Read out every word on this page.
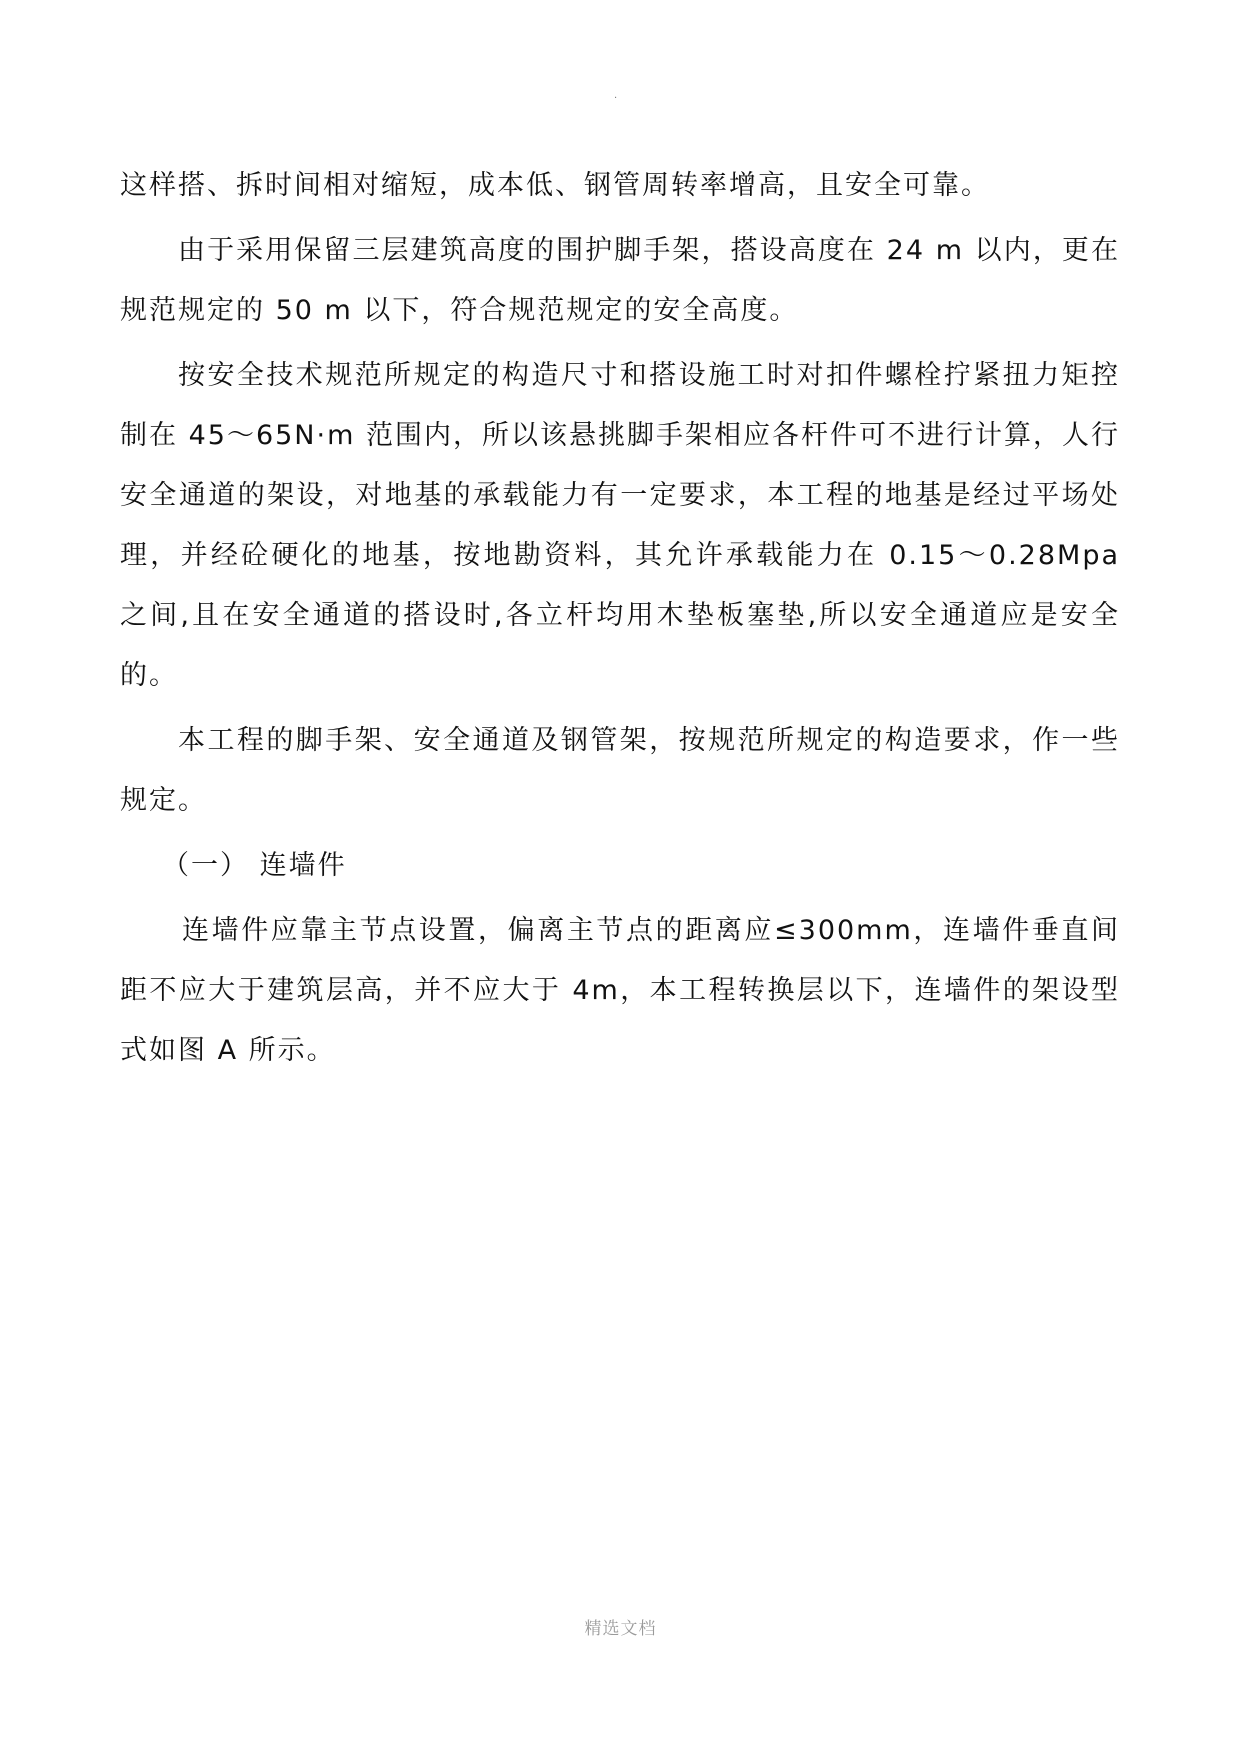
·

这样搭、拆时间相对缩短，成本低、钢管周转率增高，且安全可靠。

由于采用保留三层建筑高度的围护脚手架，搭设高度在 24 m 以内，更在规范规定的 50 m 以下，符合规范规定的安全高度。

按安全技术规范所规定的构造尺寸和搭设施工时对扣件螺栓拧紧扭力矩控制在 45～65N·m 范围内，所以该悬挑脚手架相应各杆件可不进行计算，人行安全通道的架设，对地基的承载能力有一定要求，本工程的地基是经过平场处理，并经砼硬化的地基，按地勘资料，其允许承载能力在 0.15～0.28Mpa 之间,且在安全通道的搭设时,各立杆均用木垫板塞垫,所以安全通道应是安全的。

本工程的脚手架、安全通道及钢管架，按规范所规定的构造要求，作一些规定。

（一） 连墙件

连墙件应靠主节点设置，偏离主节点的距离应≤300mm，连墙件垂直间距不应大于建筑层高，并不应大于 4m，本工程转换层以下，连墙件的架设型式如图 A 所示。

精选文档
